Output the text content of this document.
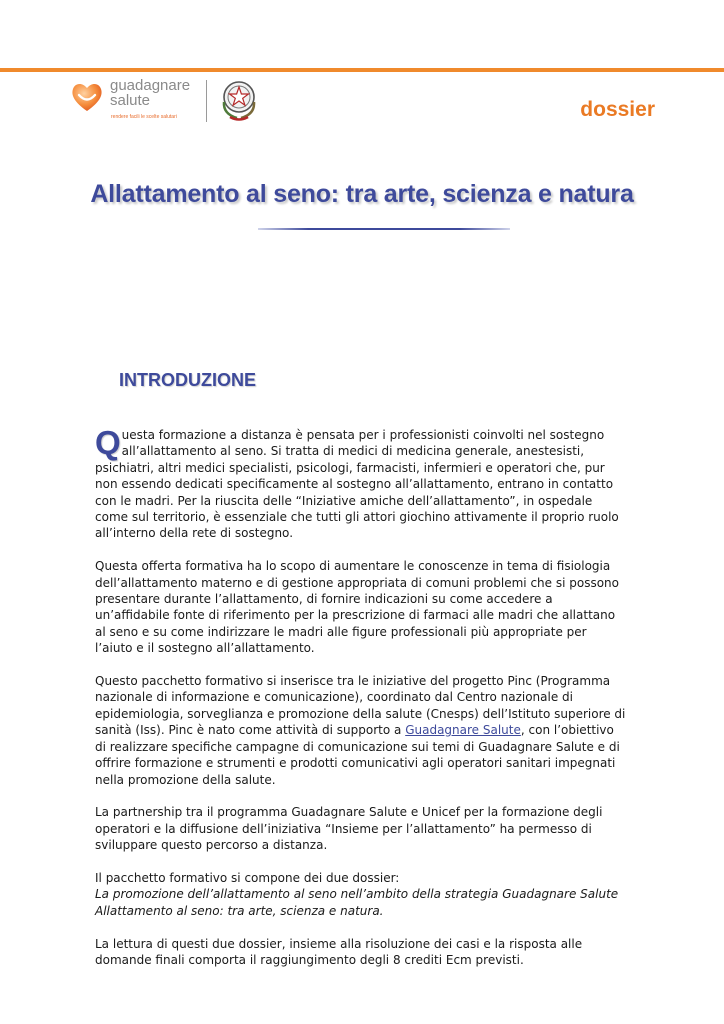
guadagnare
salute
rendere facili le scelte salutari	dossier
Allattamento al seno: tra arte, scienza e natura
INTRODUZIONE

Questa formazione a distanza è pensata per i professionisti coinvolti nel sostegno all’allattamento al seno. Si tratta di medici di medicina generale, anestesisti, psichiatri, altri medici specialisti, psicologi, farmacisti, infermieri e operatori che, pur non essendo dedicati specificamente al sostegno all’allattamento, entrano in contatto con le madri. Per la riuscita delle “Iniziative amiche dell’allattamento”, in ospedale come sul territorio, è essenziale che tutti gli attori giochino attivamente il proprio ruolo all’interno della rete di sostegno.

Questa offerta formativa ha lo scopo di aumentare le conoscenze in tema di fisiologia dell’allattamento materno e di gestione appropriata di comuni problemi che si possono presentare durante l’allattamento, di fornire indicazioni su come accedere a un’affidabile fonte di riferimento per la prescrizione di farmaci alle madri che allattano al seno e su come indirizzare le madri alle figure professionali più appropriate per l’aiuto e il sostegno all’allattamento.

Questo pacchetto formativo si inserisce tra le iniziative del progetto Pinc (Programma nazionale di informazione e comunicazione), coordinato dal Centro nazionale di epidemiologia, sorveglianza e promozione della salute (Cnesps) dell’Istituto superiore di sanità (Iss). Pinc è nato come attività di supporto a Guadagnare Salute, con l’obiettivo di realizzare specifiche campagne di comunicazione sui temi di Guadagnare Salute e di offrire formazione e strumenti e prodotti comunicativi agli operatori sanitari impegnati nella promozione della salute.

La partnership tra il programma Guadagnare Salute e Unicef per la formazione degli operatori e la diffusione dell’iniziativa “Insieme per l’allattamento” ha permesso di sviluppare questo percorso a distanza.

Il pacchetto formativo si compone dei due dossier:
La promozione dell’allattamento al seno nell’ambito della strategia Guadagnare Salute
Allattamento al seno: tra arte, scienza e natura.

La lettura di questi due dossier, insieme alla risoluzione dei casi e la risposta alle domande finali comporta il raggiungimento degli 8 crediti Ecm previsti.
